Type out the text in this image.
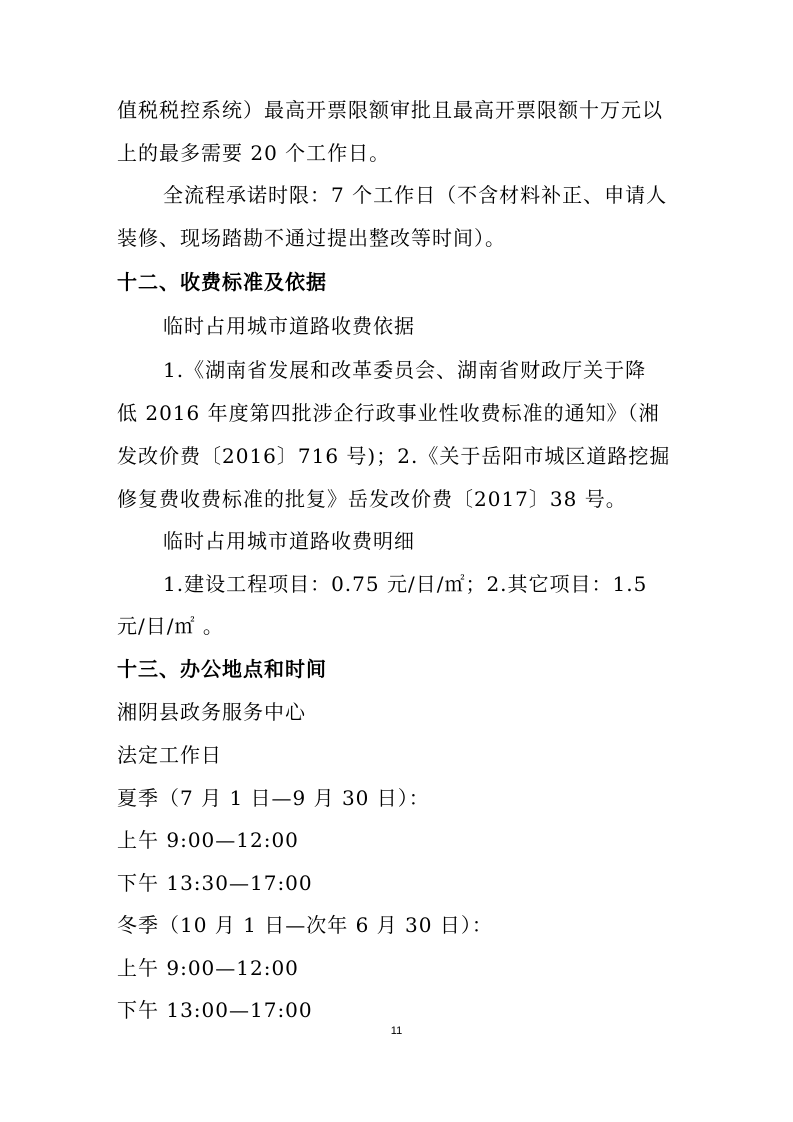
值税税控系统）最高开票限额审批且最高开票限额十万元以
上的最多需要 20 个工作日。
全流程承诺时限：7 个工作日（不含材料补正、申请人
装修、现场踏勘不通过提出整改等时间）。
十二、收费标准及依据
临时占用城市道路收费依据
1.《湖南省发展和改革委员会、湖南省财政厅关于降
低 2016 年度第四批涉企行政事业性收费标准的通知》（湘
发改价费〔2016〕716 号)；2.《关于岳阳市城区道路挖掘
修复费收费标准的批复》岳发改价费〔2017〕38 号。
临时占用城市道路收费明细
1.建设工程项目：0.75 元/日/㎡；2.其它项目：1.5
元/日/㎡ 。
十三、办公地点和时间
湘阴县政务服务中心
法定工作日
夏季（7 月 1 日—9 月 30 日）：
上午 9:00—12:00
下午 13:30—17:00
冬季（10 月 1 日—次年 6 月 30 日）：
上午 9:00—12:00
下午 13:00—17:00
11
